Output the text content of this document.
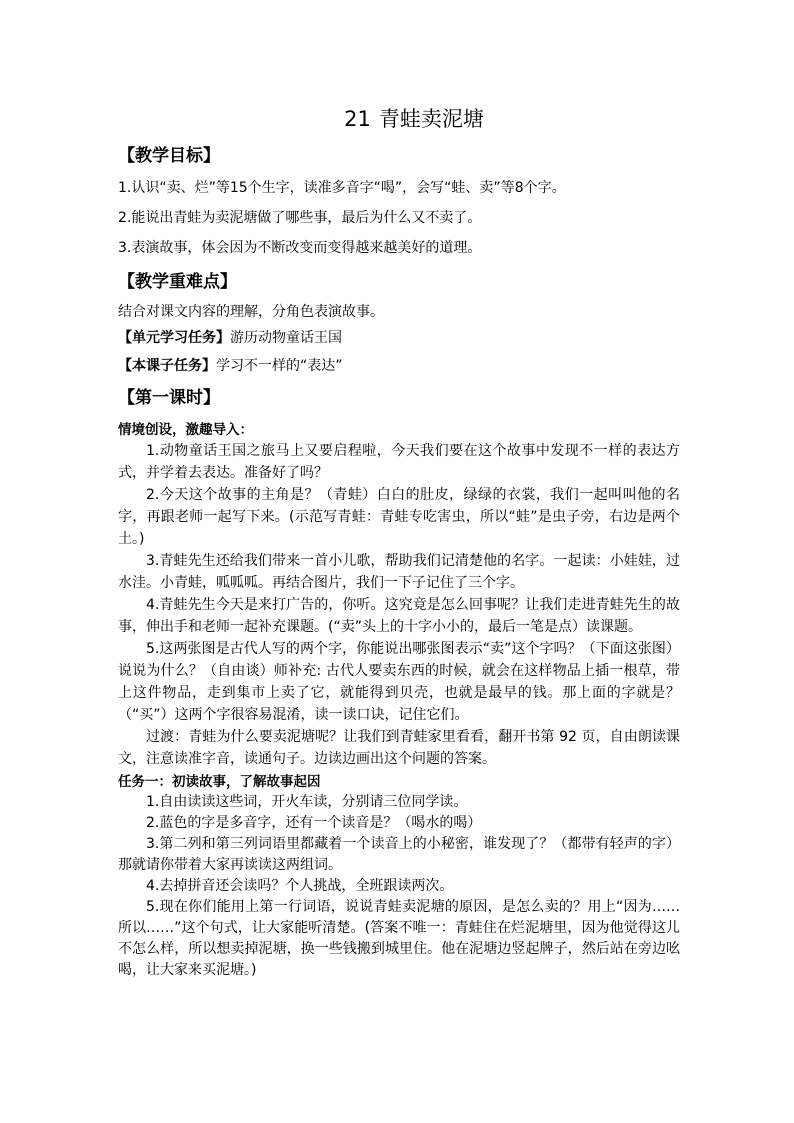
21 青蛙卖泥塘
【教学目标】
1.认识“卖、烂”等15个生字，读准多音字“喝”，会写“蛙、卖”等8个字。
2.能说出青蛙为卖泥塘做了哪些事，最后为什么又不卖了。
3.表演故事，体会因为不断改变而变得越来越美好的道理。
【教学重难点】
结合对课文内容的理解，分角色表演故事。
【单元学习任务】游历动物童话王国
【本课子任务】学习不一样的“表达”
【第一课时】
情境创设，激趣导入：

1.动物童话王国之旅马上又要启程啦，今天我们要在这个故事中发现不一样的表达方式，并学着去表达。准备好了吗？

2.今天这个故事的主角是？（青蛙）白白的肚皮，绿绿的衣裳，我们一起叫叫他的名字，再跟老师一起写下来。(示范写青蛙：青蛙专吃害虫，所以“蛙”是虫子旁，右边是两个土。)

3.青蛙先生还给我们带来一首小儿歌，帮助我们记清楚他的名字。一起读：小娃娃，过水洼。小青蛙，呱呱呱。再结合图片，我们一下子记住了三个字。

4.青蛙先生今天是来打广告的，你听。这究竟是怎么回事呢？让我们走进青蛙先生的故事，伸出手和老师一起补充课题。(“卖”头上的十字小小的，最后一笔是点）读课题。

5.这两张图是古代人写的两个字，你能说出哪张图表示“卖”这个字吗？（下面这张图）说说为什么？（自由谈）师补充: 古代人要卖东西的时候，就会在这样物品上插一根草，带上这件物品，走到集市上卖了它，就能得到贝壳，也就是最早的钱。那上面的字就是？（“买”）这两个字很容易混淆，读一读口诀，记住它们。

过渡：青蛙为什么要卖泥塘呢？让我们到青蛙家里看看，翻开书第 92 页，自由朗读课文，注意读准字音，读通句子。边读边画出这个问题的答案。

任务一：初读故事，了解故事起因

1.自由读读这些词，开火车读，分别请三位同学读。

2.蓝色的字是多音字，还有一个读音是？（喝水的喝）

3.第二列和第三列词语里都藏着一个读音上的小秘密，谁发现了？（都带有轻声的字）那就请你带着大家再读读这两组词。

4.去掉拼音还会读吗？个人挑战，全班跟读两次。

5.现在你们能用上第一行词语，说说青蛙卖泥塘的原因，是怎么卖的？用上“因为……所以……”这个句式，让大家能听清楚。(答案不唯一：青蛙住在烂泥塘里，因为他觉得这儿不怎么样，所以想卖掉泥塘，换一些钱搬到城里住。他在泥塘边竖起牌子，然后站在旁边吆喝，让大家来买泥塘。)
